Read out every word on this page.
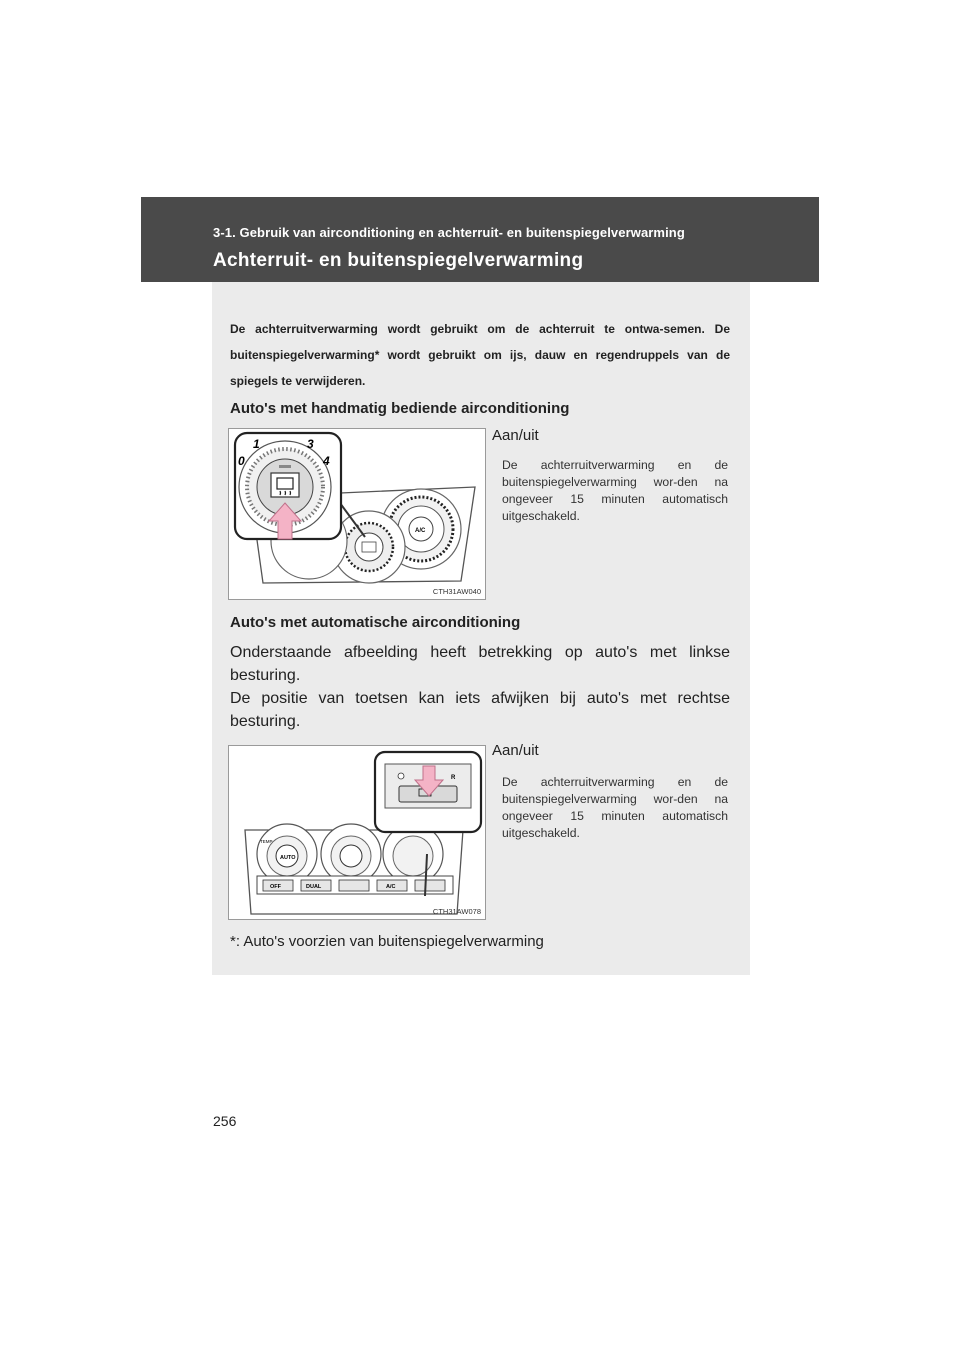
3-1. Gebruik van airconditioning en achterruit- en buitenspiegelverwarming
Achterruit- en buitenspiegelverwarming
De achterruitverwarming wordt gebruikt om de achterruit te ontwa-semen. De buitenspiegelverwarming* wordt gebruikt om ijs, dauw en regendruppels van de spiegels te verwijderen.
Auto's met handmatig bediende airconditioning
A/C
1	3
0	4
CTH31AW040
Aan/uit
De achterruitverwarming en de buitenspiegelverwarming wor-den na ongeveer 15 minuten automatisch uitgeschakeld.
Auto's met automatische airconditioning
Onderstaande afbeelding heeft betrekking op auto's met linkse besturing.
De positie van toetsen kan iets afwijken bij auto's met rechtse besturing.
AUTO
TEMP
OFF	DUAL	A/C
R
CTH31AW078
Aan/uit
De achterruitverwarming en de buitenspiegelverwarming wor-den na ongeveer 15 minuten automatisch uitgeschakeld.
*: Auto's voorzien van buitenspiegelverwarming
256
